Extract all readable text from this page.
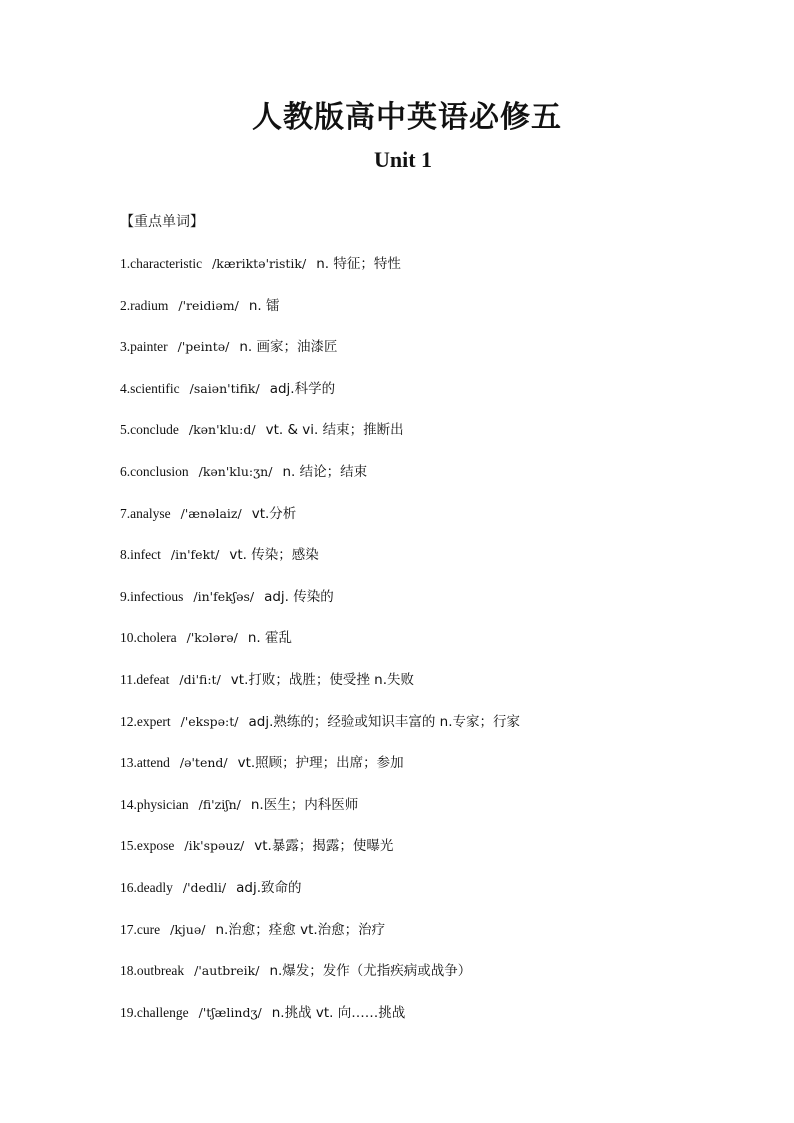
人教版高中英语必修五
Unit 1
【重点单词】
1.characteristic /kæriktə'ristik/ n. 特征；特性
2.radium /'reidiəm/ n. 镭
3.painter /'peintə/ n. 画家；油漆匠
4.scientific /saiən'tifik/ adj.科学的
5.conclude /kən'klu:d/ vt. & vi. 结束；推断出
6.conclusion /kən'klu:ʒn/ n. 结论；结束
7.analyse /'ænəlaiz/ vt.分析
8.infect /in'fekt/ vt. 传染；感染
9.infectious /in'fekʃəs/ adj. 传染的
10.cholera /'kɔlərə/ n. 霍乱
11.defeat /di'fi:t/ vt.打败；战胜；使受挫 n.失败
12.expert /'ekspə:t/ adj.熟练的；经验或知识丰富的 n.专家；行家
13.attend /ə'tend/ vt.照顾；护理；出席；参加
14.physician /fi'ziʃn/ n.医生；内科医师
15.expose /ik'spəuz/ vt.暴露；揭露；使曝光
16.deadly /'dedli/ adj.致命的
17.cure /kjuə/ n.治愈；痊愈 vt.治愈；治疗
18.outbreak /'autbreik/ n.爆发；发作（尤指疾病或战争）
19.challenge /'tʃælindʒ/ n.挑战 vt. 向……挑战
